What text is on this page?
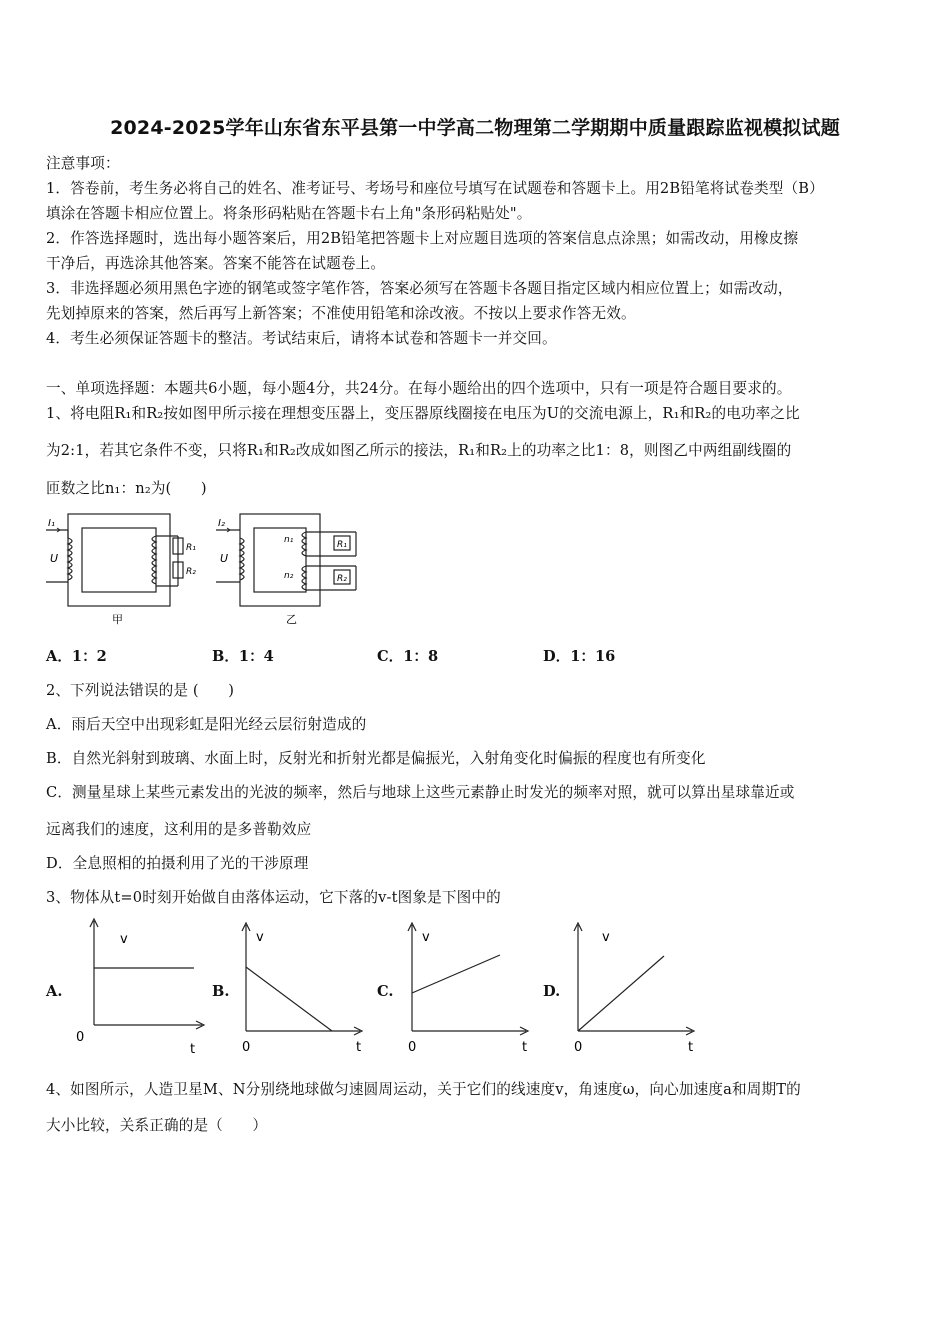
2024-2025学年山东省东平县第一中学高二物理第二学期期中质量跟踪监视模拟试题
注意事项：
1．答卷前，考生务必将自己的姓名、准考证号、考场号和座位号填写在试题卷和答题卡上。用2B铅笔将试卷类型（B）
填涂在答题卡相应位置上。将条形码粘贴在答题卡右上角"条形码粘贴处"。
2．作答选择题时，选出每小题答案后，用2B铅笔把答题卡上对应题目选项的答案信息点涂黑；如需改动，用橡皮擦
干净后，再选涂其他答案。答案不能答在试题卷上。
3．非选择题必须用黑色字迹的钢笔或签字笔作答，答案必须写在答题卡各题目指定区域内相应位置上；如需改动，
先划掉原来的答案，然后再写上新答案；不准使用铅笔和涂改液。不按以上要求作答无效。
4．考生必须保证答题卡的整洁。考试结束后，请将本试卷和答题卡一并交回。
一、单项选择题：本题共6小题，每小题4分，共24分。在每小题给出的四个选项中，只有一项是符合题目要求的。
1、将电阻R₁和R₂按如图甲所示接在理想变压器上，变压器原线圈接在电压为U的交流电源上，R₁和R₂的电功率之比
为2:1，若其它条件不变，只将R₁和R₂改成如图乙所示的接法，R₁和R₂上的功率之比1：8，则图乙中两组副线圈的
匝数之比n₁：n₂为(　　)
I₁
U
R₁
R₂
甲
I₂
U
n₁
n₂
R₁
R₂
乙
A．1：2	B．1：4	C．1：8	D．1：16
2、下列说法错误的是 (　　)
A．雨后天空中出现彩虹是阳光经云层衍射造成的
B．自然光斜射到玻璃、水面上时，反射光和折射光都是偏振光，入射角变化时偏振的程度也有所变化
C．测量星球上某些元素发出的光波的频率，然后与地球上这些元素静止时发光的频率对照，就可以算出星球靠近或
远离我们的速度，这利用的是多普勒效应
D．全息照相的拍摄利用了光的干涉原理
3、物体从t=0时刻开始做自由落体运动，它下落的v-t图象是下图中的
A.
v
0
t
B.
v
0	t
C.
v
0	t
D.
v
0	t
4、如图所示，人造卫星M、N分别绕地球做匀速圆周运动，关于它们的线速度v，角速度ω，向心加速度a和周期T的
大小比较，关系正确的是（　　）
